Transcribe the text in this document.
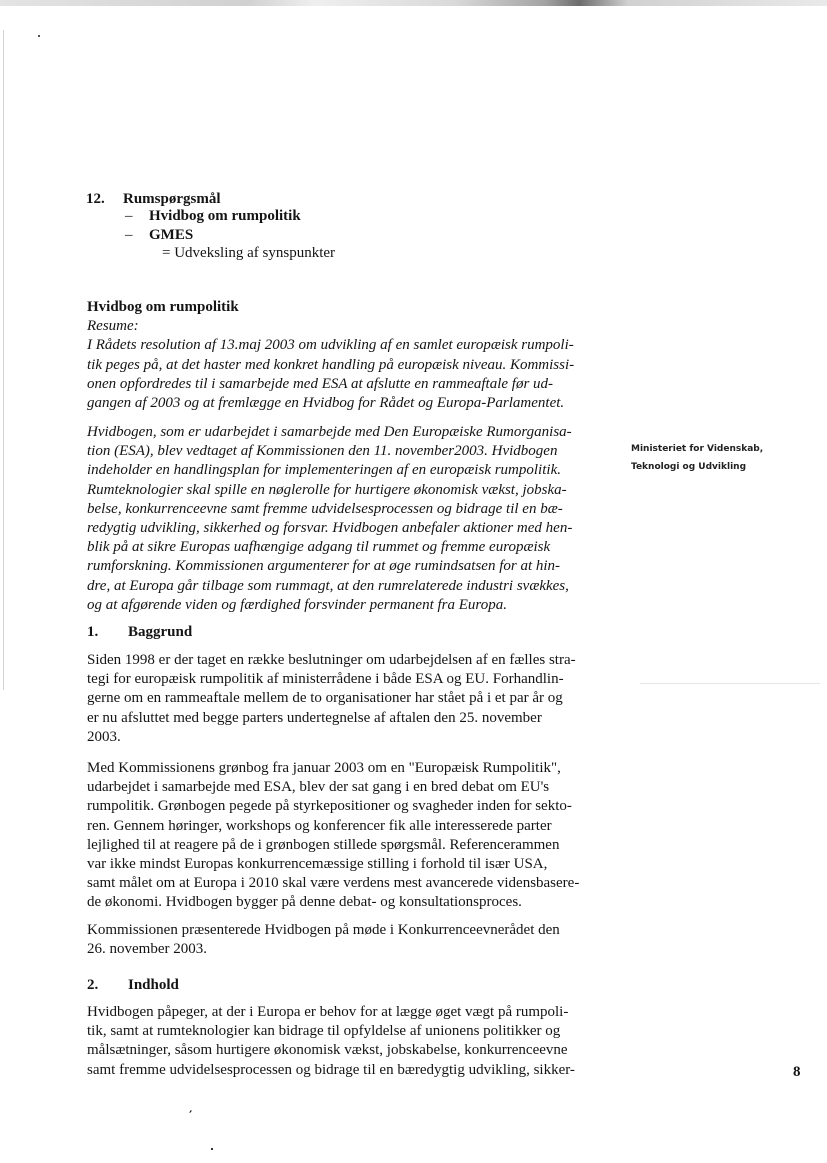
12. Rumspørgsmål
– Hvidbog om rumpolitik
– GMES
= Udveksling af synspunkter
Hvidbog om rumpolitik
Resume:
I Rådets resolution af 13.maj 2003 om udvikling af en samlet europæisk rumpoli-
tik peges på, at det haster med konkret handling på europæisk niveau. Kommissi-
onen opfordredes til i samarbejde med ESA at afslutte en rammeaftale før ud-
gangen af 2003 og at fremlægge en Hvidbog for Rådet og Europa-Parlamentet.
Hvidbogen, som er udarbejdet i samarbejde med Den Europæiske Rumorganisa-
tion (ESA), blev vedtaget af Kommissionen den 11. november2003. Hvidbogen
indeholder en handlingsplan for implementeringen af en europæisk rumpolitik.
Rumteknologier skal spille en nøglerolle for hurtigere økonomisk vækst, jobska-
belse, konkurrenceevne samt fremme udvidelsesprocessen og bidrage til en bæ-
redygtig udvikling, sikkerhed og forsvar. Hvidbogen anbefaler aktioner med hen-
blik på at sikre Europas uafhængige adgang til rummet og fremme europæisk
rumforskning. Kommissionen argumenterer for at øge rumindsatsen for at hin-
dre, at Europa går tilbage som rummagt, at den rumrelaterede industri svækkes,
og at afgørende viden og færdighed forsvinder permanent fra Europa.
Ministeriet for Videnskab,
Teknologi og Udvikling
1. Baggrund
Siden 1998 er der taget en række beslutninger om udarbejdelsen af en fælles stra-
tegi for europæisk rumpolitik af ministerrådene i både ESA og EU. Forhandlin-
gerne om en rammeaftale mellem de to organisationer har stået på i et par år og
er nu afsluttet med begge parters undertegnelse af aftalen den 25. november
2003.
Med Kommissionens grønbog fra januar 2003 om en "Europæisk Rumpolitik",
udarbejdet i samarbejde med ESA, blev der sat gang i en bred debat om EU's
rumpolitik. Grønbogen pegede på styrkepositioner og svagheder inden for sekto-
ren. Gennem høringer, workshops og konferencer fik alle interesserede parter
lejlighed til at reagere på de i grønbogen stillede spørgsmål. Referencerammen
var ikke mindst Europas konkurrencemæssige stilling i forhold til især USA,
samt målet om at Europa i 2010 skal være verdens mest avancerede vidensbasere-
de økonomi. Hvidbogen bygger på denne debat- og konsultationsproces.
Kommissionen præsenterede Hvidbogen på møde i Konkurrenceevnerådet den
26. november 2003.
2. Indhold
Hvidbogen påpeger, at der i Europa er behov for at lægge øget vægt på rumpoli-
tik, samt at rumteknologier kan bidrage til opfyldelse af unionens politikker og
målsætninger, såsom hurtigere økonomisk vækst, jobskabelse, konkurrenceevne
samt fremme udvidelsesprocessen og bidrage til en bæredygtig udvikling, sikker-	8
′
